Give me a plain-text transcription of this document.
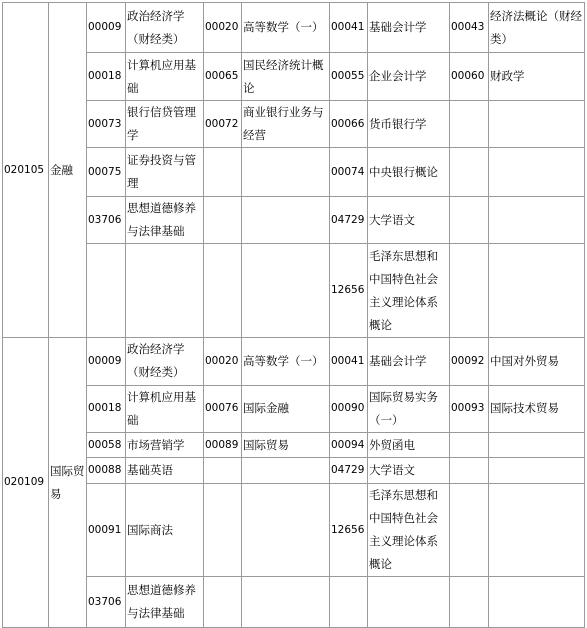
020105	金融	00009	政治经济学（财经类）	00020	高等数学（一）	00041	基础会计学	00043	经济法概论（财经类）
		00018	计算机应用基础	00065	国民经济统计概论	00055	企业会计学	00060	财政学
		00073	银行信贷管理学	00072	商业银行业务与经营	00066	货币银行学		
		00075	证券投资与管理			00074	中央银行概论		
		03706	思想道德修养与法律基础			04729	大学语文		
						12656	毛泽东思想和中国特色社会主义理论体系概论		
020109	国际贸易	00009	政治经济学（财经类）	00020	高等数学（一）	00041	基础会计学	00092	中国对外贸易
		00018	计算机应用基础	00076	国际金融	00090	国际贸易实务（一）	00093	国际技术贸易
		00058	市场营销学	00089	国际贸易	00094	外贸函电		
		00088	基础英语			04729	大学语文		
		00091	国际商法			12656	毛泽东思想和中国特色社会主义理论体系概论		
		03706	思想道德修养与法律基础						
